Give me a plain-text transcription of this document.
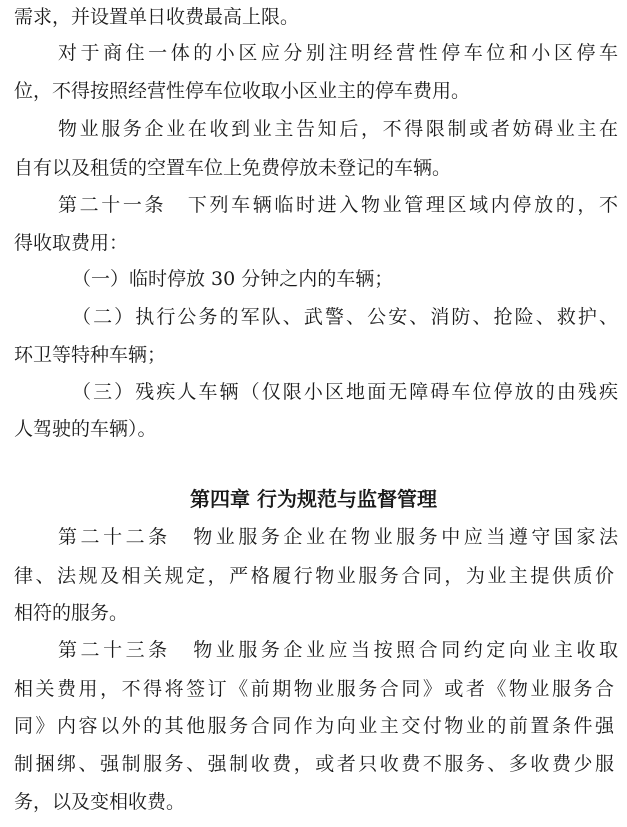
需求，并设置单日收费最高上限。
对于商住一体的小区应分别注明经营性停车位和小区停车
位，不得按照经营性停车位收取小区业主的停车费用。
物业服务企业在收到业主告知后，不得限制或者妨碍业主在
自有以及租赁的空置车位上免费停放未登记的车辆。
第二十一条　下列车辆临时进入物业管理区域内停放的，不
得收取费用：
（一）临时停放 30 分钟之内的车辆；
（二）执行公务的军队、武警、公安、消防、抢险、救护、
环卫等特种车辆；
（三）残疾人车辆（仅限小区地面无障碍车位停放的由残疾
人驾驶的车辆）。
第四章 行为规范与监督管理
第二十二条　物业服务企业在物业服务中应当遵守国家法
律、法规及相关规定，严格履行物业服务合同，为业主提供质价
相符的服务。
第二十三条　物业服务企业应当按照合同约定向业主收取
相关费用，不得将签订《前期物业服务合同》或者《物业服务合
同》内容以外的其他服务合同作为向业主交付物业的前置条件强
制捆绑、强制服务、强制收费，或者只收费不服务、多收费少服
务，以及变相收费。
